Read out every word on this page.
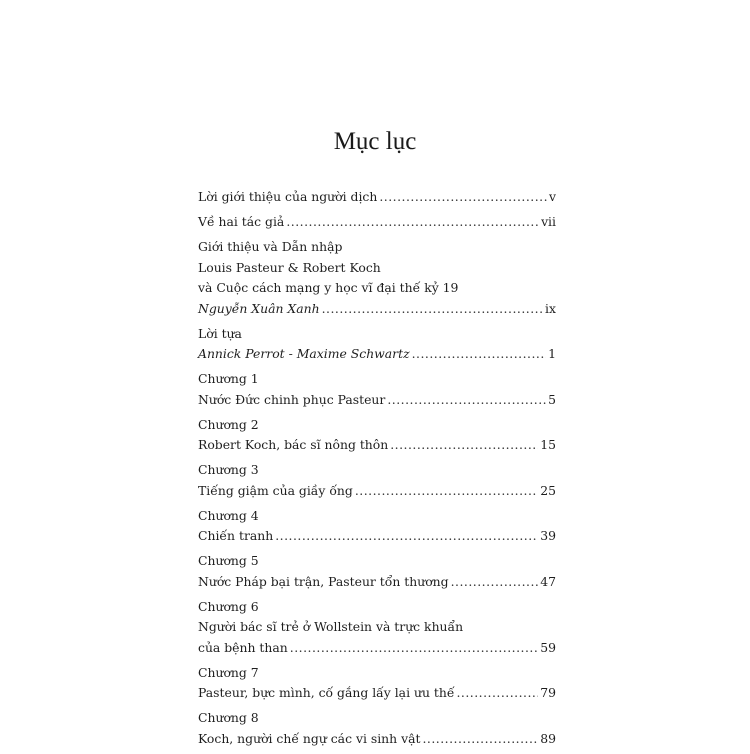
Mục lục
Lời giới thiệu của người dịch .....	v
Về hai tác giả .....	vii
Giới thiệu và Dẫn nhập
Louis Pasteur & Robert Koch
và Cuộc cách mạng y học vĩ đại thế kỷ 19
Nguyễn Xuân Xanh .....	ix
Lời tựa
Annick Perrot - Maxime Schwartz .....	1
Chương 1
Nước Đức chinh phục Pasteur .....	5
Chương 2
Robert Koch, bác sĩ nông thôn .....	15
Chương 3
Tiếng giậm của giầy ống .....	25
Chương 4
Chiến tranh .....	39
Chương 5
Nước Pháp bại trận, Pasteur tổn thương .....	47
Chương 6
Người bác sĩ trẻ ở Wollstein và trực khuẩn
của bệnh than .....	59
Chương 7
Pasteur, bực mình, cố gắng lấy lại ưu thế .....	79
Chương 8
Koch, người chế ngự các vi sinh vật .....	89
